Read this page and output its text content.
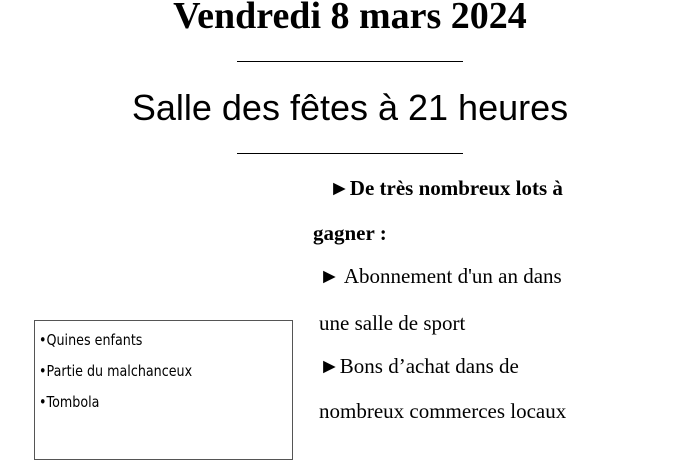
Vendredi 8 mars 2024
Salle des fêtes à 21 heures
►De très nombreux lots à
gagner :
► Abonnement d'un an dans
une salle de sport
►Bons d’achat dans de
nombreux commerces locaux
•Quines enfants
•Partie du malchanceux
•Tombola
